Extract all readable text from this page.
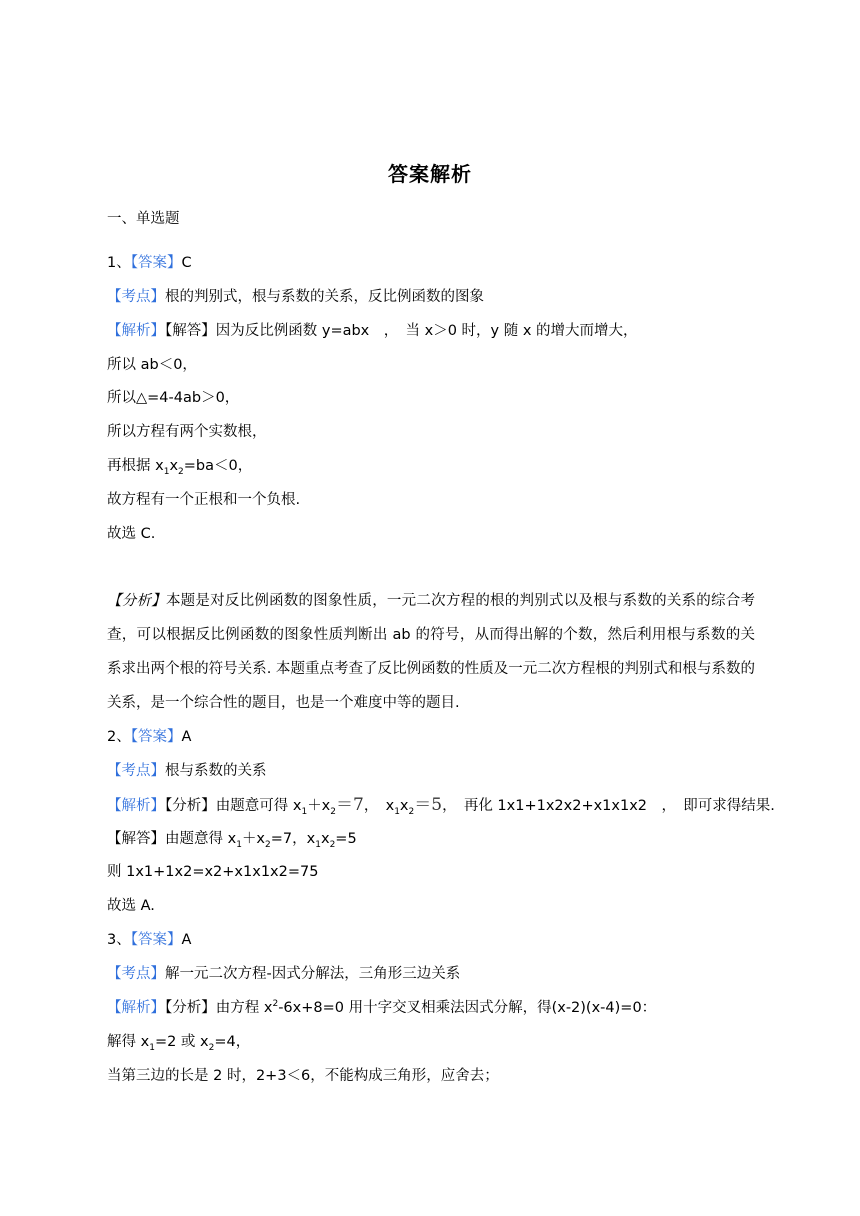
答案解析
一、单选题
1、【答案】C
【考点】根的判别式，根与系数的关系，反比例函数的图象
【解析】【解答】因为反比例函数 y=abx　，　当 x＞0 时，y 随 x 的增大而增大，
所以 ab＜0，
所以△=4-4ab＞0，
所以方程有两个实数根，
再根据 $x_1x_2=ba<0$，
故方程有一个正根和一个负根.
故选 C.
【分析】本题是对反比例函数的图象性质，一元二次方程的根的判别式以及根与系数的关系的综合考查，可以根据反比例函数的图象性质判断出 ab 的符号，从而得出解的个数，然后利用根与系数的关系求出两个根的符号关系. 本题重点考查了反比例函数的性质及一元二次方程根的判别式和根与系数的关系，是一个综合性的题目，也是一个难度中等的题目.
2、【答案】A
【考点】根与系数的关系
【解析】【分析】由题意可得 $x_1+x_2=7$，　$x_1x_2=5$，　再化 1x1+1x2x2+x1x1x2　，　即可求得结果.
【解答】由题意得 $x_1+x_2=7$，$x_1x_2=5$
则 1x1+1x2=x2+x1x1x2=75
故选 A.
3、【答案】A
【考点】解一元二次方程-因式分解法，三角形三边关系
【解析】【分析】由方程 $x^2-6x+8=0$ 用十字交叉相乘法因式分解，得(x-2)(x-4)=0：
解得 $x_1=2$ 或 $x_2=4$，
当第三边的长是 2 时，2+3＜6，不能构成三角形，应舍去；
